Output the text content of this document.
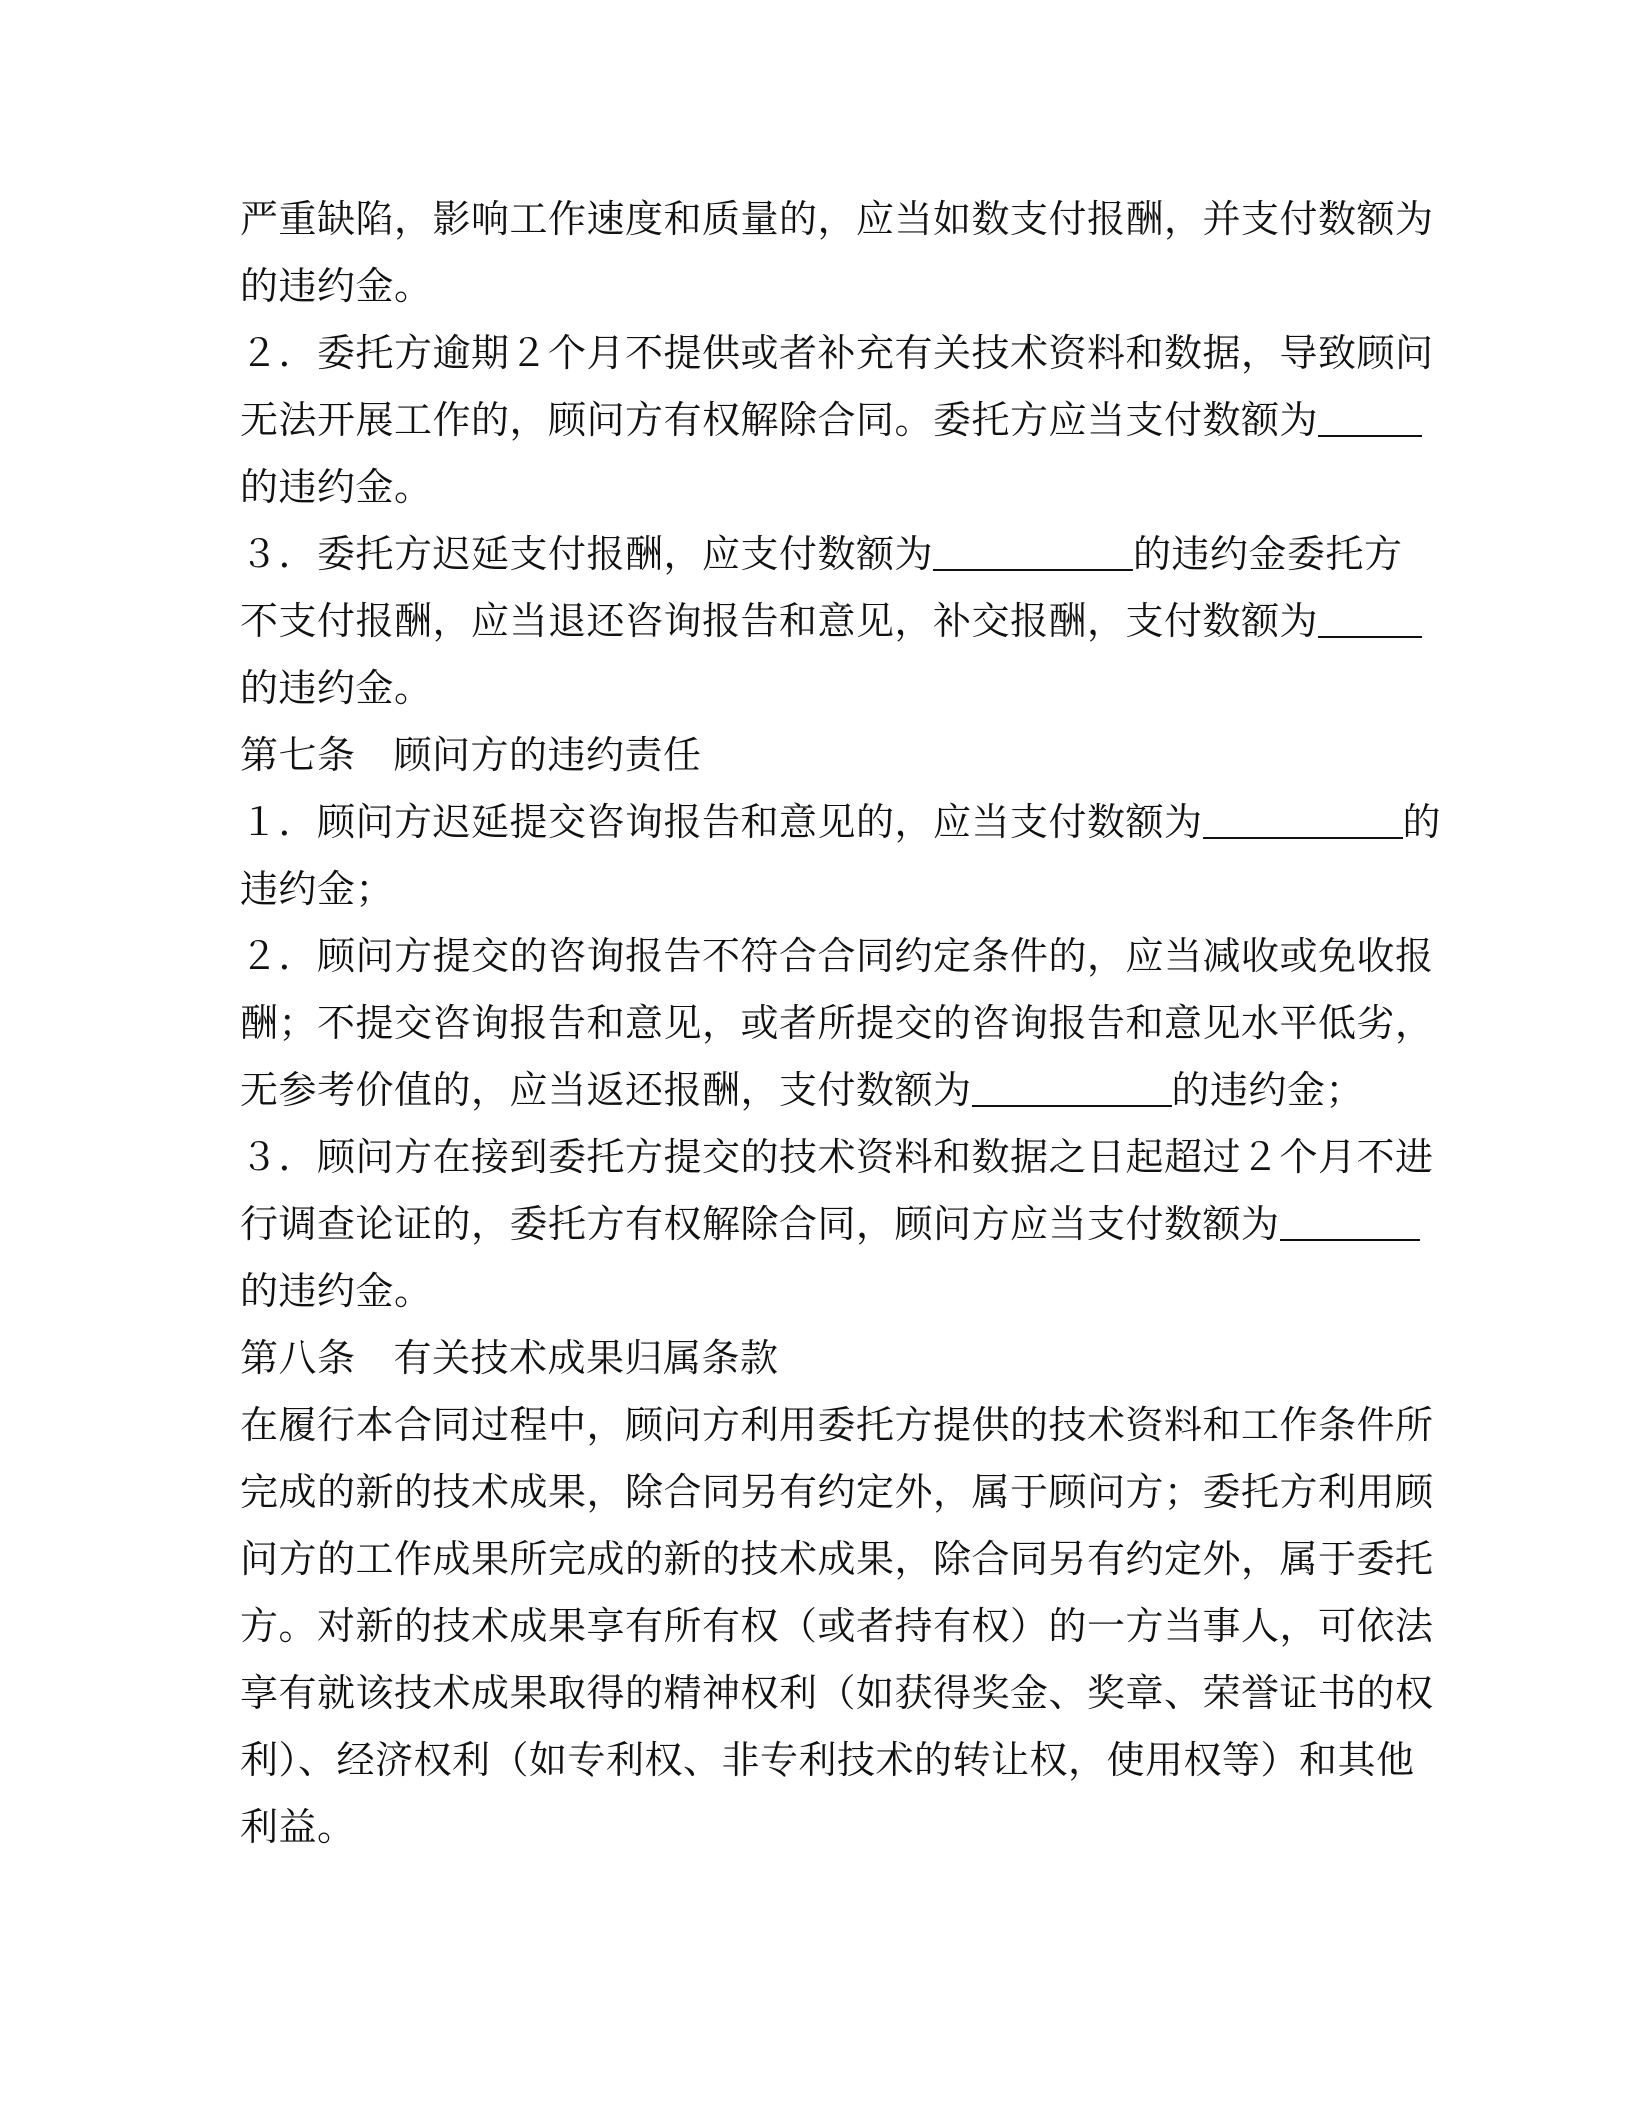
严重缺陷，影响工作速度和质量的，应当如数支付报酬，并支付数额为
的违约金。
２．委托方逾期２个月不提供或者补充有关技术资料和数据，导致顾问
无法开展工作的，顾问方有权解除合同。委托方应当支付数额为
的违约金。
３．委托方迟延支付报酬，应支付数额为	的违约金委托方
不支付报酬，应当退还咨询报告和意见，补交报酬，支付数额为
的违约金。
第七条 顾问方的违约责任
１．顾问方迟延提交咨询报告和意见的，应当支付数额为	的
违约金；
２．顾问方提交的咨询报告不符合合同约定条件的，应当减收或免收报
酬；不提交咨询报告和意见，或者所提交的咨询报告和意见水平低劣，
无参考价值的，应当返还报酬，支付数额为	的违约金；
３．顾问方在接到委托方提交的技术资料和数据之日起超过２个月不进
行调查论证的，委托方有权解除合同，顾问方应当支付数额为
的违约金。
第八条 有关技术成果归属条款
在履行本合同过程中，顾问方利用委托方提供的技术资料和工作条件所
完成的新的技术成果，除合同另有约定外，属于顾问方；委托方利用顾
问方的工作成果所完成的新的技术成果，除合同另有约定外，属于委托
方。对新的技术成果享有所有权（或者持有权）的一方当事人，可依法
享有就该技术成果取得的精神权利（如获得奖金、奖章、荣誉证书的权
利）、经济权利（如专利权、非专利技术的转让权，使用权等）和其他
利益。
